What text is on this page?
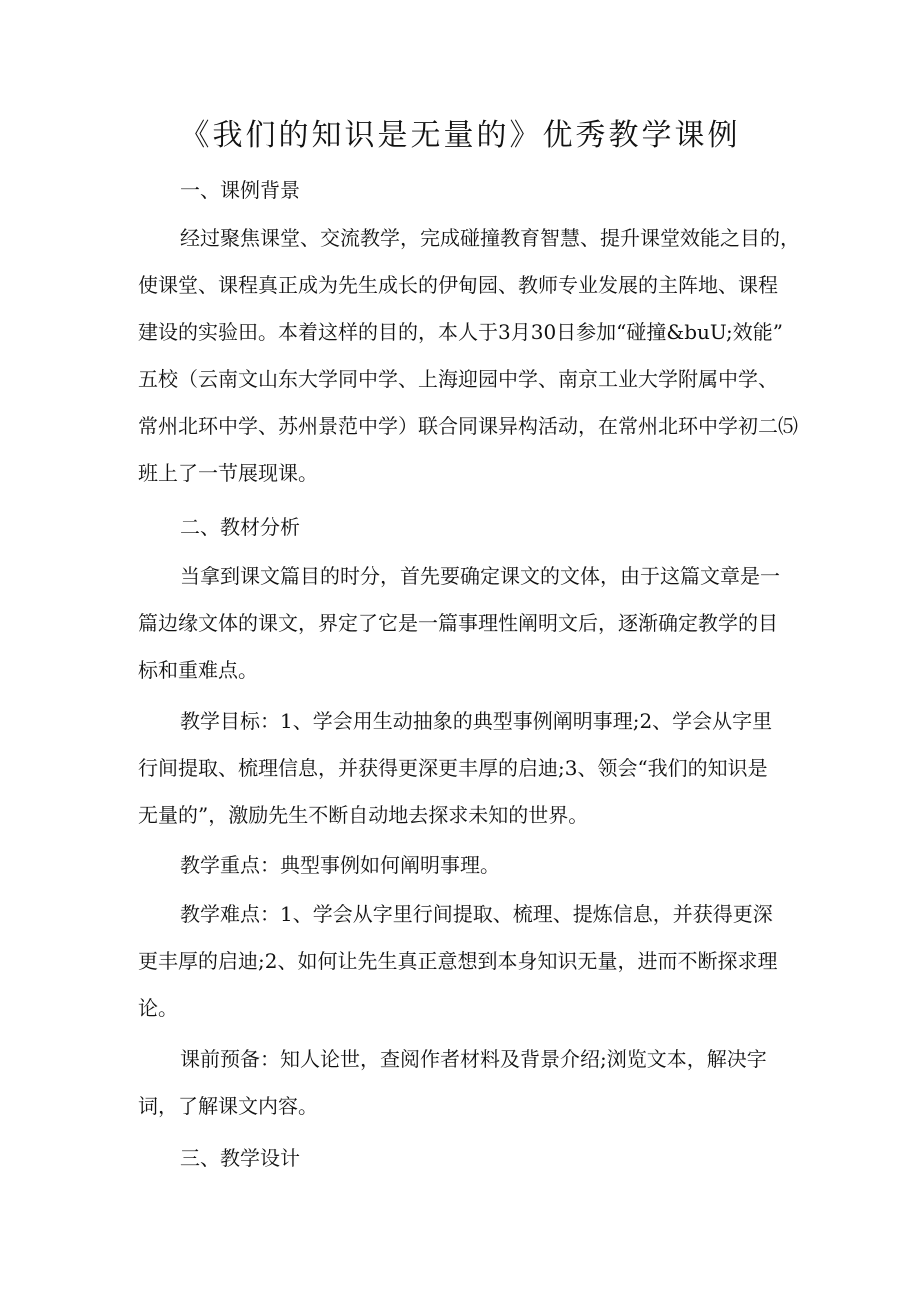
《我们的知识是无量的》优秀教学课例

一、课例背景

经过聚焦课堂、交流教学，完成碰撞教育智慧、提升课堂效能之目的，

使课堂、课程真正成为先生成长的伊甸园、教师专业发展的主阵地、课程

建设的实验田。本着这样的目的，本人于3月30日参加“碰撞&buU;效能”

五校（云南文山东大学同中学、上海迎园中学、南京工业大学附属中学、

常州北环中学、苏州景范中学）联合同课异构活动，在常州北环中学初二⑸

班上了一节展现课。

二、教材分析

当拿到课文篇目的时分，首先要确定课文的文体，由于这篇文章是一

篇边缘文体的课文，界定了它是一篇事理性阐明文后，逐渐确定教学的目

标和重难点。

教学目标：1、学会用生动抽象的典型事例阐明事理;2、学会从字里

行间提取、梳理信息，并获得更深更丰厚的启迪;3、领会“我们的知识是

无量的”，激励先生不断自动地去探求未知的世界。

教学重点：典型事例如何阐明事理。

教学难点：1、学会从字里行间提取、梳理、提炼信息，并获得更深

更丰厚的启迪;2、如何让先生真正意想到本身知识无量，进而不断探求理

论。

课前预备：知人论世，查阅作者材料及背景介绍;浏览文本，解决字

词，了解课文内容。

三、教学设计
